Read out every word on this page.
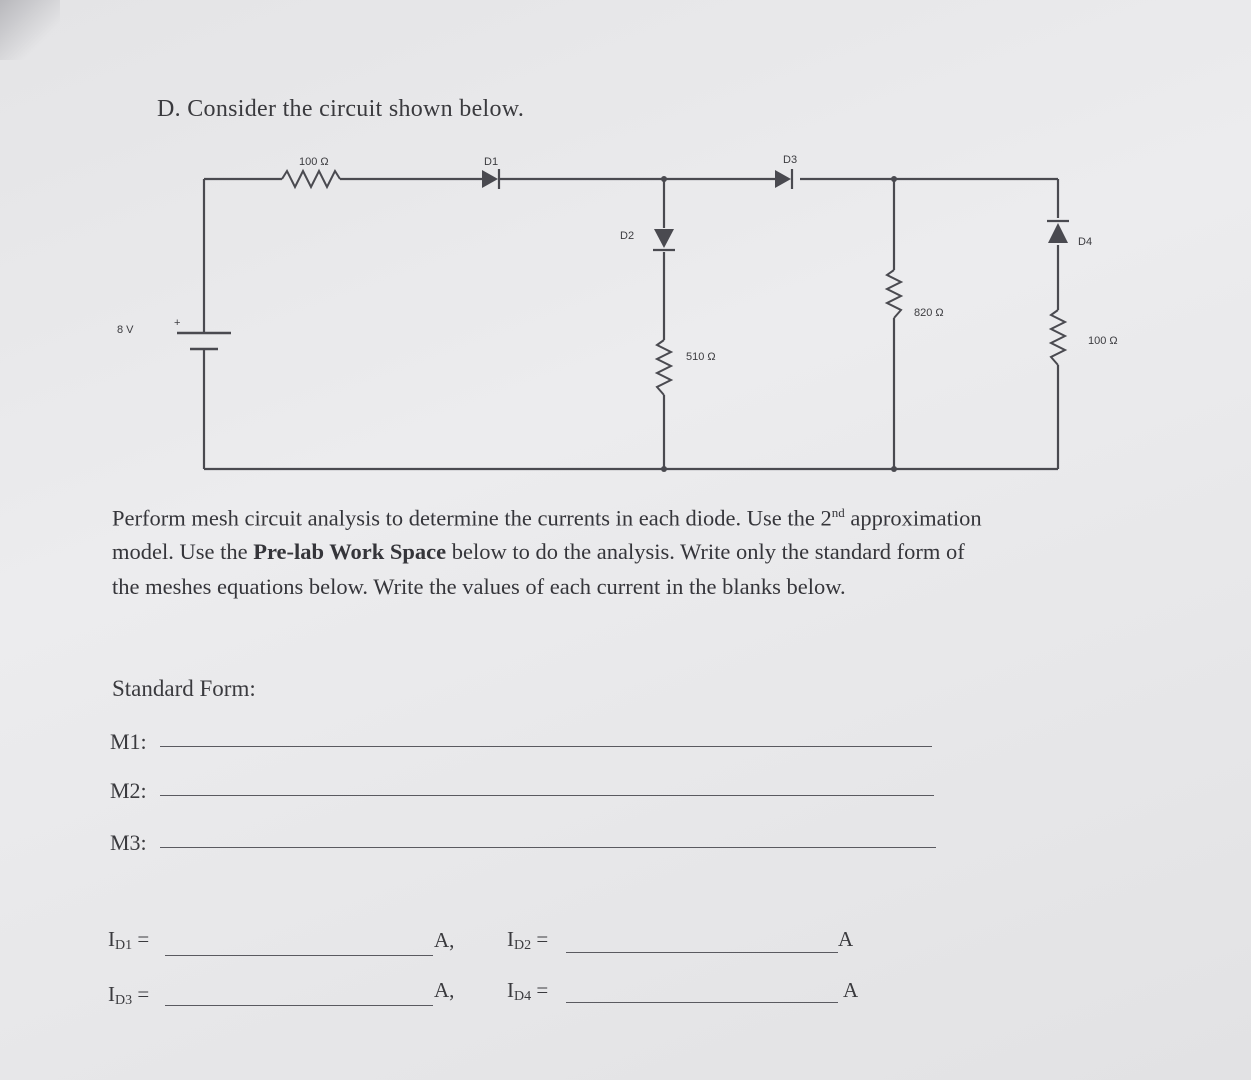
D. Consider the circuit shown below.
8 V
+
100 Ω	D1	D3
D2
510 Ω
820 Ω
D4
100 Ω
Perform mesh circuit analysis to determine the currents in each diode. Use the 2nd approximation
model. Use the Pre-lab Work Space below to do the analysis. Write only the standard form of
the meshes equations below. Write the values of each current in the blanks below.
Standard Form:
M1:
M2:
M3:
$I_{D1}$ =	A,	$I_{D2}$ =	A
$I_{D3}$ =	A,	$I_{D4}$ =	A
